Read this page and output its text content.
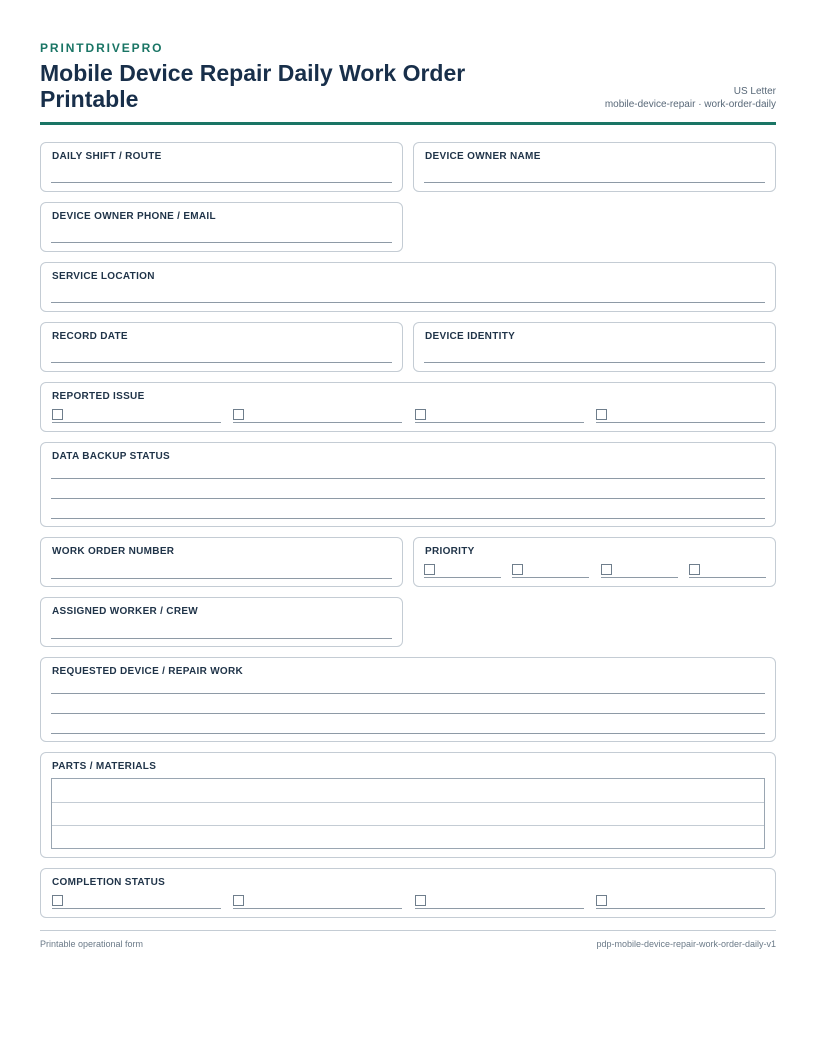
PRINTDRIVEPRO
Mobile Device Repair Daily Work Order Printable	US Letter
mobile-device-repair · work-order-daily
DAILY SHIFT / ROUTE	DEVICE OWNER NAME
DEVICE OWNER PHONE / EMAIL
SERVICE LOCATION
RECORD DATE	DEVICE IDENTITY
REPORTED ISSUE
DATA BACKUP STATUS
WORK ORDER NUMBER	PRIORITY
ASSIGNED WORKER / CREW
REQUESTED DEVICE / REPAIR WORK
PARTS / MATERIALS
COMPLETION STATUS
Printable operational form	pdp-mobile-device-repair-work-order-daily-v1
